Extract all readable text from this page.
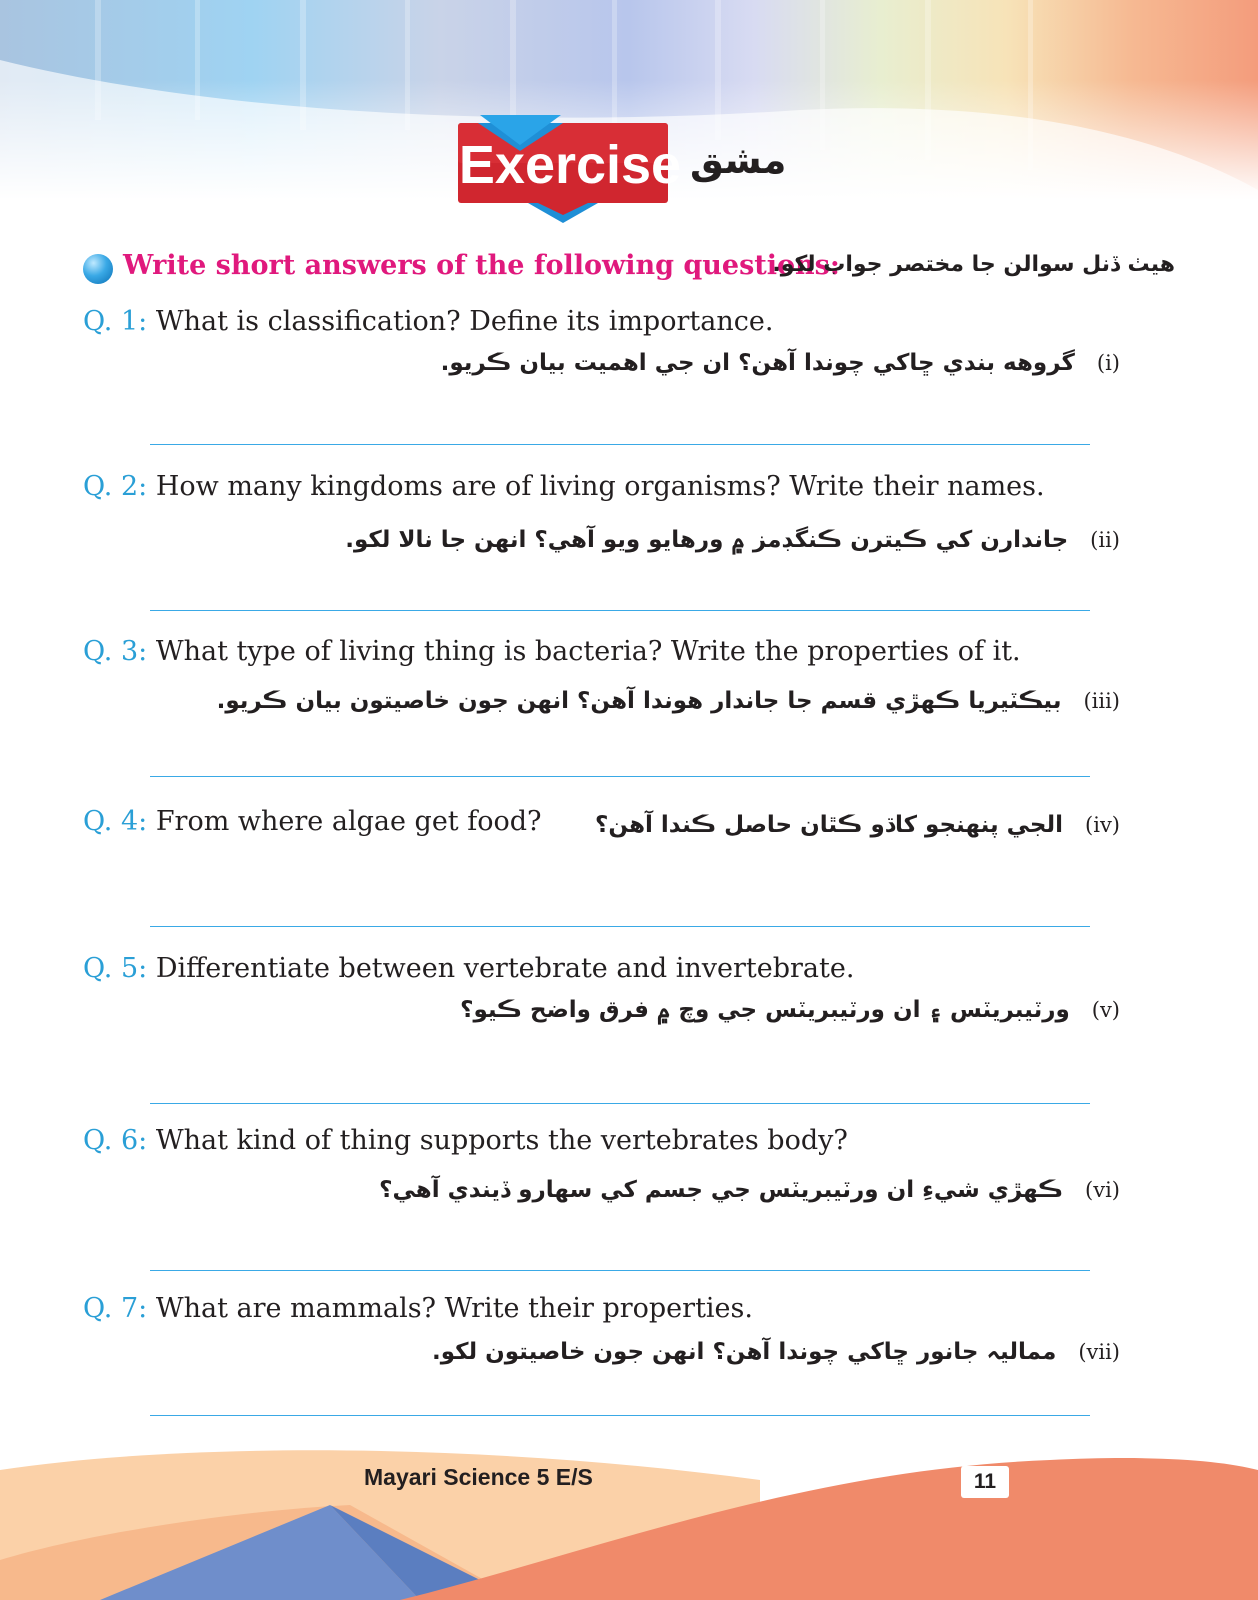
Exercise مشق
Write short answers of the following questions:
هيٺ ڏنل سوالن جا مختصر جواب لکو.
Q. 1: What is classification? Define its importance.
(i)
گروهه بندي ڇاکي چوندا آهن؟ ان جي اهميت بيان ڪريو.
Q. 2: How many kingdoms are of living organisms? Write their names.
(ii)
جاندارن کي ڪيترن ڪنگڊمز ۾ ورهايو ويو آهي؟ انهن جا نالا لکو.
Q. 3: What type of living thing is bacteria? Write the properties of it.
(iii)
بيڪٽيريا ڪهڙي قسم جا جاندار هوندا آهن؟ انهن جون خاصيتون بيان ڪريو.
Q. 4: From where algae get food?	(iv)
الجي پنهنجو کاڌو ڪٿان حاصل ڪندا آهن؟
Q. 5: Differentiate between vertebrate and invertebrate.
(v)
ورٽيبريٽس ۽ ان ورٽيبريٽس جي وچ ۾ فرق واضح ڪيو؟
Q. 6: What kind of thing supports the vertebrates body?
(vi)
ڪهڙي شيءِ ان ورٽيبريٽس جي جسم کي سهارو ڏيندي آهي؟
Q. 7: What are mammals? Write their properties.
(vii)
ممالیہ جانور ڇاکي چوندا آهن؟ انهن جون خاصيتون لکو.
Mayari Science 5 E/S	11
